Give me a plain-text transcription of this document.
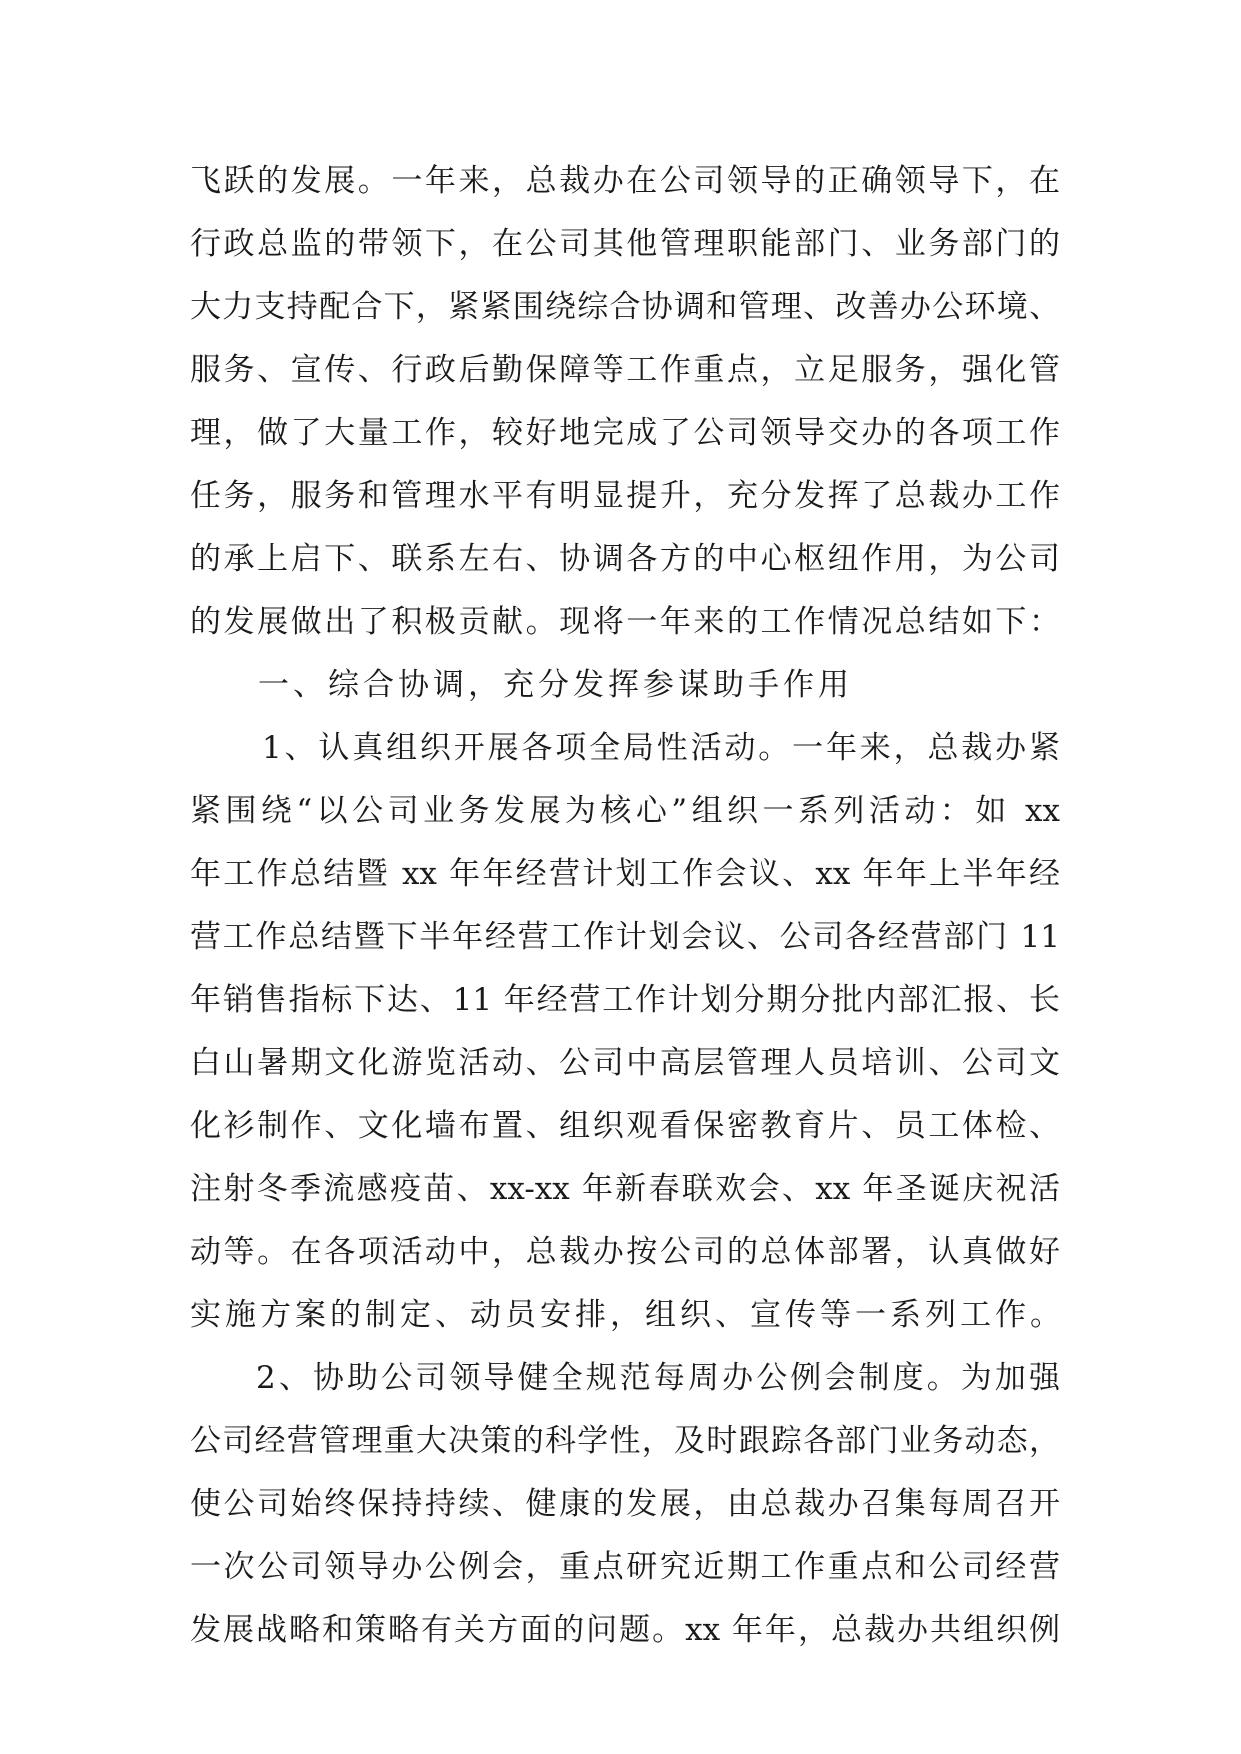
飞跃的发展。一年来，总裁办在公司领导的正确领导下，在
行政总监的带领下，在公司其他管理职能部门、业务部门的
大力支持配合下，紧紧围绕综合协调和管理、改善办公环境、
服务、宣传、行政后勤保障等工作重点，立足服务，强化管
理，做了大量工作，较好地完成了公司领导交办的各项工作
任务，服务和管理水平有明显提升，充分发挥了总裁办工作
的承上启下、联系左右、协调各方的中心枢纽作用，为公司
的发展做出了积极贡献。现将一年来的工作情况总结如下：
一、综合协调，充分发挥参谋助手作用
1、认真组织开展各项全局性活动。一年来，总裁办紧
紧围绕“以公司业务发展为核心”组织一系列活动：如 xx
年工作总结暨 xx 年年经营计划工作会议、xx 年年上半年经
营工作总结暨下半年经营工作计划会议、公司各经营部门 11
年销售指标下达、11 年经营工作计划分期分批内部汇报、长
白山暑期文化游览活动、公司中高层管理人员培训、公司文
化衫制作、文化墙布置、组织观看保密教育片、员工体检、
注射冬季流感疫苗、xx-xx 年新春联欢会、xx 年圣诞庆祝活
动等。在各项活动中，总裁办按公司的总体部署，认真做好
实施方案的制定、动员安排，组织、宣传等一系列工作。
2、协助公司领导健全规范每周办公例会制度。为加强
公司经营管理重大决策的科学性，及时跟踪各部门业务动态，
使公司始终保持持续、健康的发展，由总裁办召集每周召开
一次公司领导办公例会，重点研究近期工作重点和公司经营
发展战略和策略有关方面的问题。xx 年年，总裁办共组织例
